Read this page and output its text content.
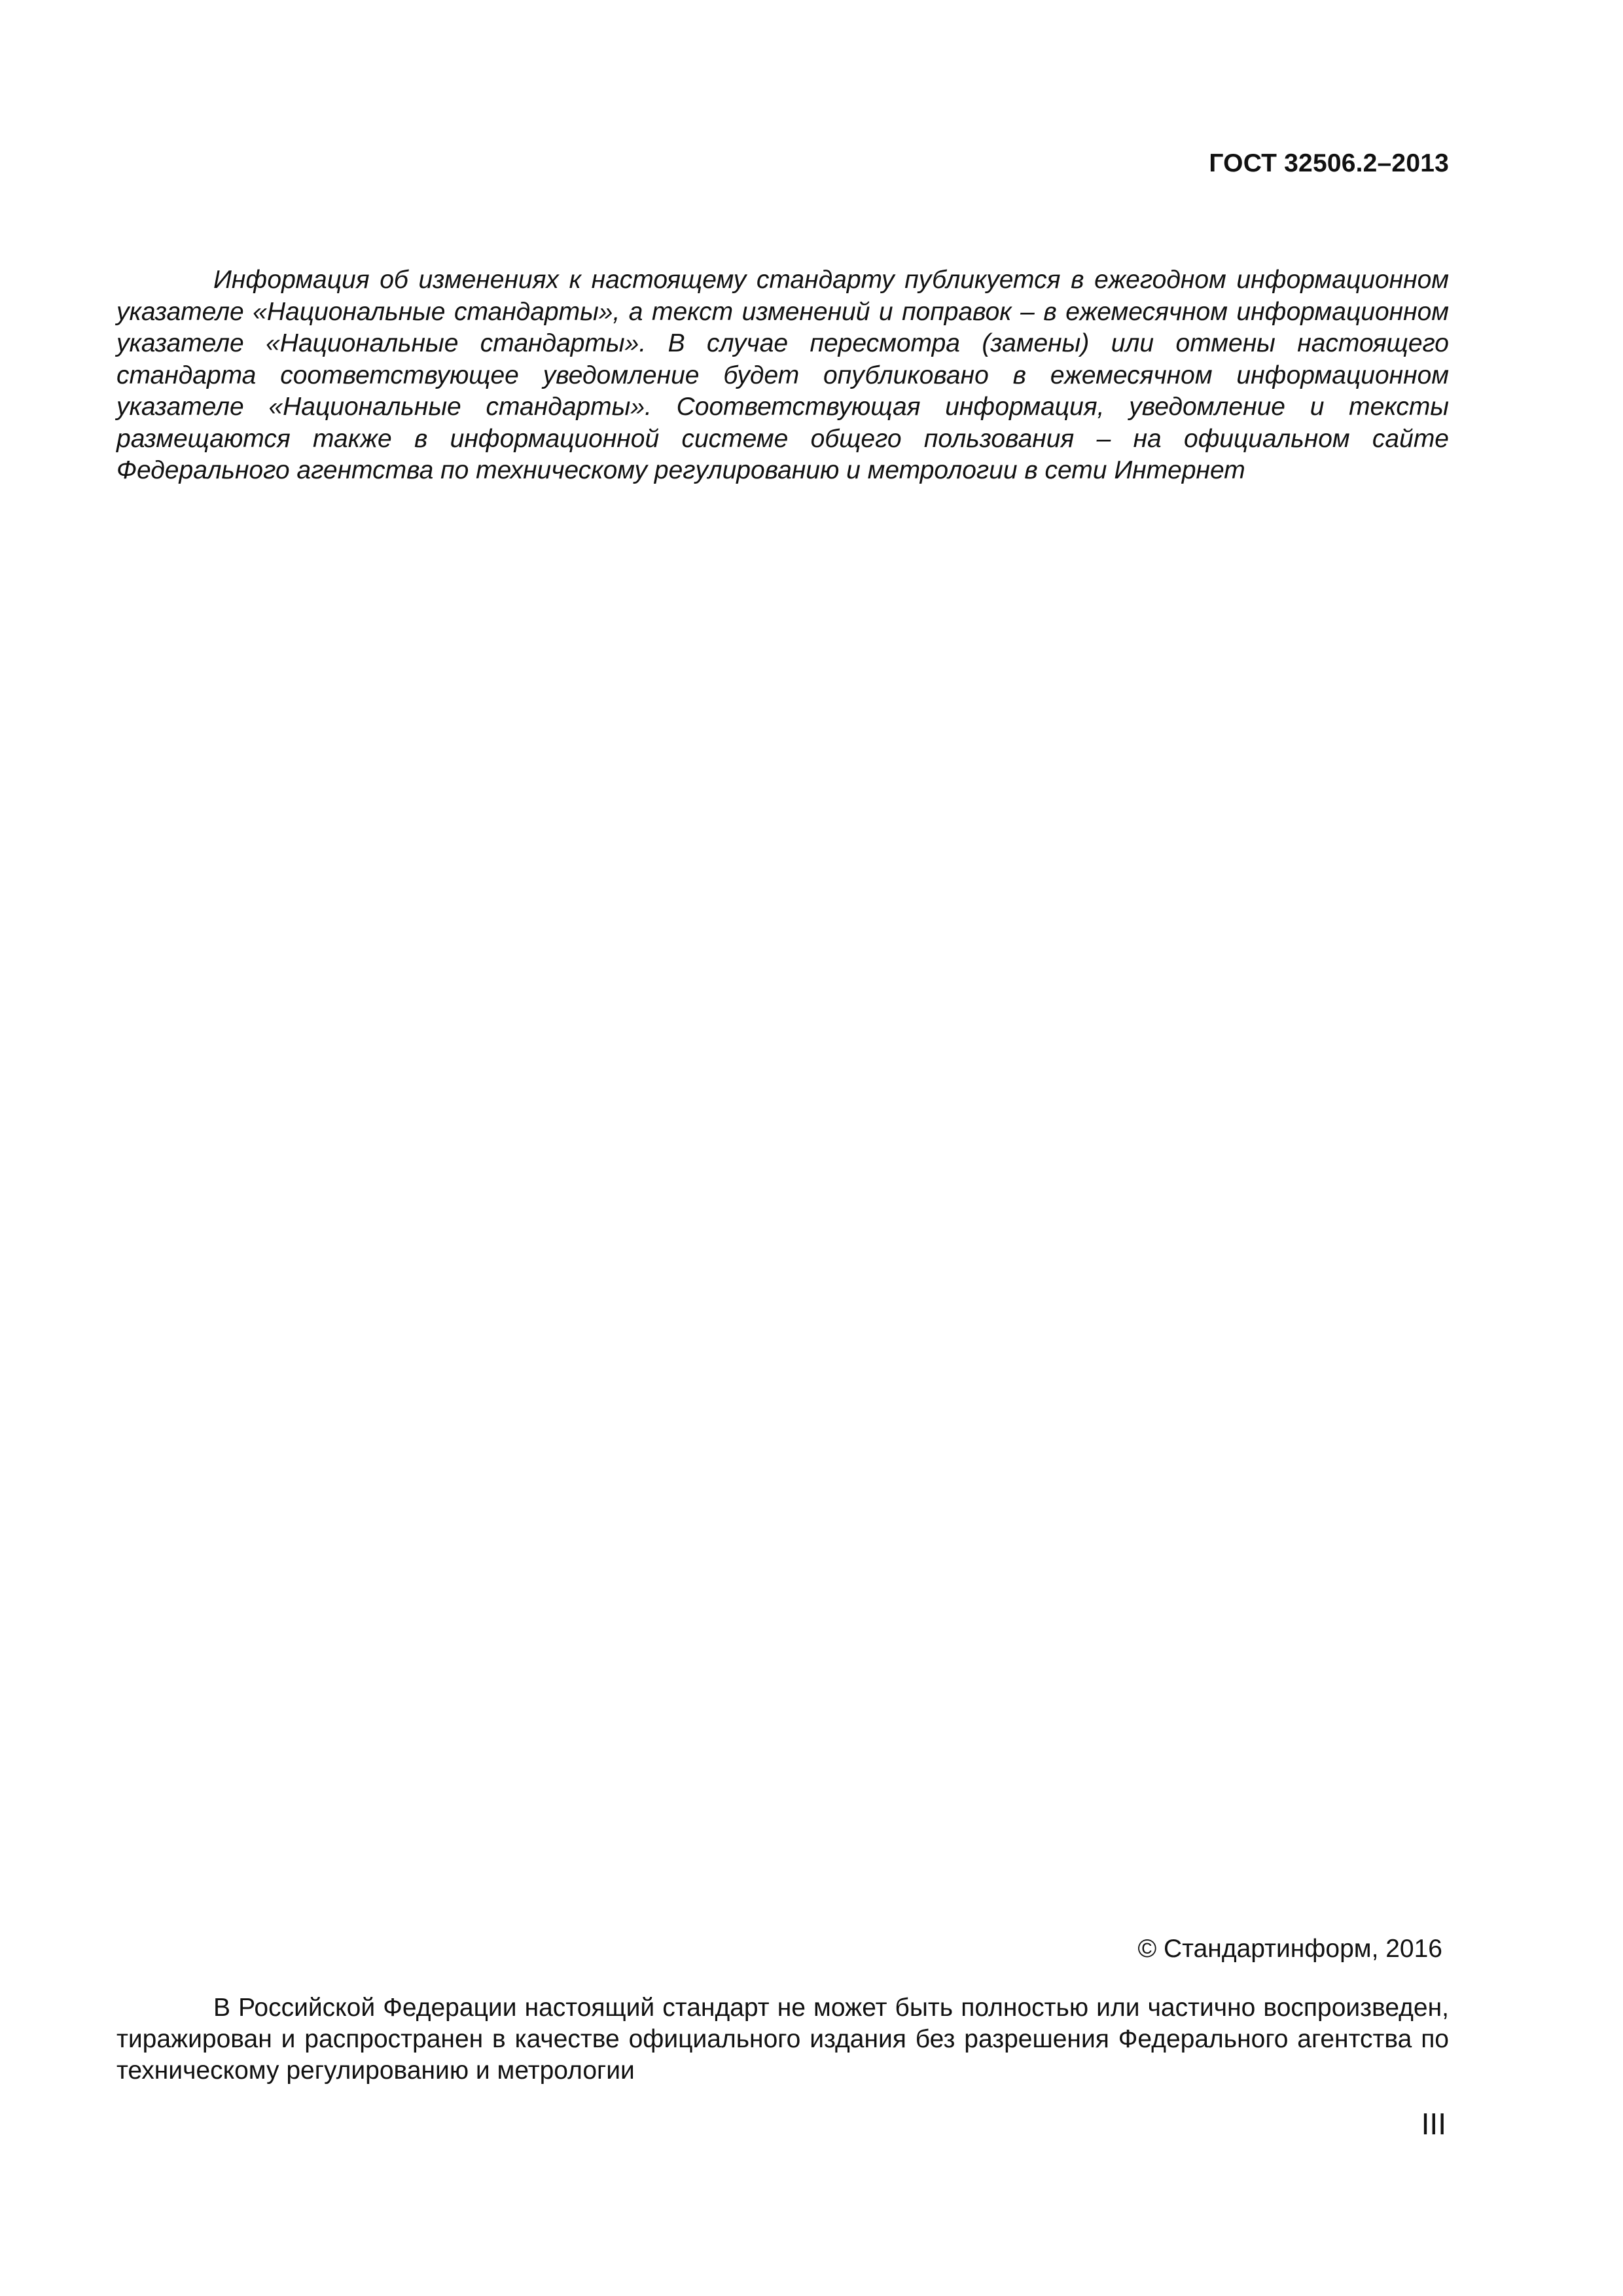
ГОСТ 32506.2–2013

Информация об изменениях к настоящему стандарту публикуется в ежегодном информационном указателе «Национальные стандарты», а текст изменений и поправок – в ежемесячном информационном указателе «Национальные стандарты». В случае пересмотра (замены) или отмены настоящего стандарта соответствующее уведомление будет опубликовано в ежемесячном информационном указателе «Национальные стандарты». Соответствующая информация, уведомление и тексты размещаются также в информационной системе общего пользования – на официальном сайте Федерального агентства по техническому регулированию и метрологии в сети Интернет

© Стандартинформ, 2016

В Российской Федерации настоящий стандарт не может быть полностью или частично воспроизведен, тиражирован и распространен в качестве официального издания без разрешения Федерального агентства по техническому регулированию и метрологии

III
